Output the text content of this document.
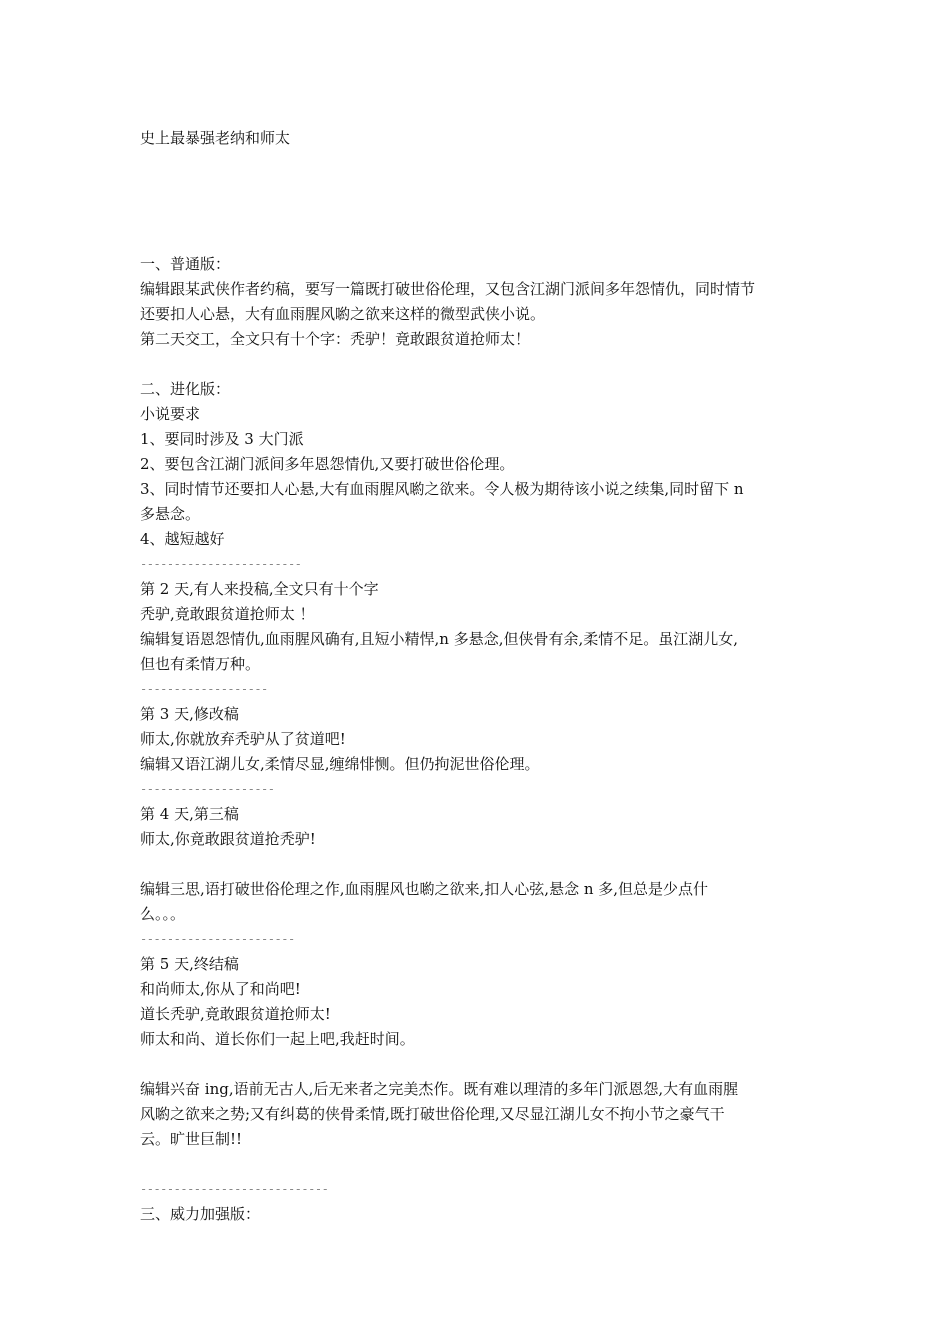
史上最暴强老纳和师太
一、普通版：
编辑跟某武侠作者约稿，要写一篇既打破世俗伦理，又包含江湖门派间多年怨情仇，同时情节
还要扣人心悬，大有血雨腥风喲之欲来这样的微型武侠小说。
第二天交工，全文只有十个字：秃驴！竟敢跟贫道抢师太！
二、进化版：
小说要求
1、要同时涉及 3 大门派
2、要包含江湖门派间多年恩怨情仇,又要打破世俗伦理。
3、同时情节还要扣人心悬,大有血雨腥风喲之欲来。令人极为期待该小说之续集,同时留下 n
多悬念。
4、越短越好
------------------------
第 2 天,有人来投稿,全文只有十个字
秃驴,竟敢跟贫道抢师太 ！
编辑复语恩怨情仇,血雨腥风确有,且短小精悍,n 多悬念,但侠骨有余,柔情不足。虽江湖儿女,
但也有柔情万种。
-------------------
第 3 天,修改稿
师太,你就放弃秃驴从了贫道吧!
编辑又语江湖儿女,柔情尽显,缠绵悱恻。但仍拘泥世俗伦理。
--------------------
第 4 天,第三稿
师太,你竟敢跟贫道抢秃驴!
编辑三思,语打破世俗伦理之作,血雨腥风也喲之欲来,扣人心弦,悬念 n 多,但总是少点什
么。。。
-----------------------
第 5 天,终结稿
和尚师太,你从了和尚吧!
道长秃驴,竟敢跟贫道抢师太!
师太和尚、道长你们一起上吧,我赶时间。
编辑兴奋 ing,语前无古人,后无来者之完美杰作。既有难以理清的多年门派恩怨,大有血雨腥
风喲之欲来之势;又有纠葛的侠骨柔情,既打破世俗伦理,又尽显江湖儿女不拘小节之豪气干
云。旷世巨制!!
----------------------------
三、威力加强版：
